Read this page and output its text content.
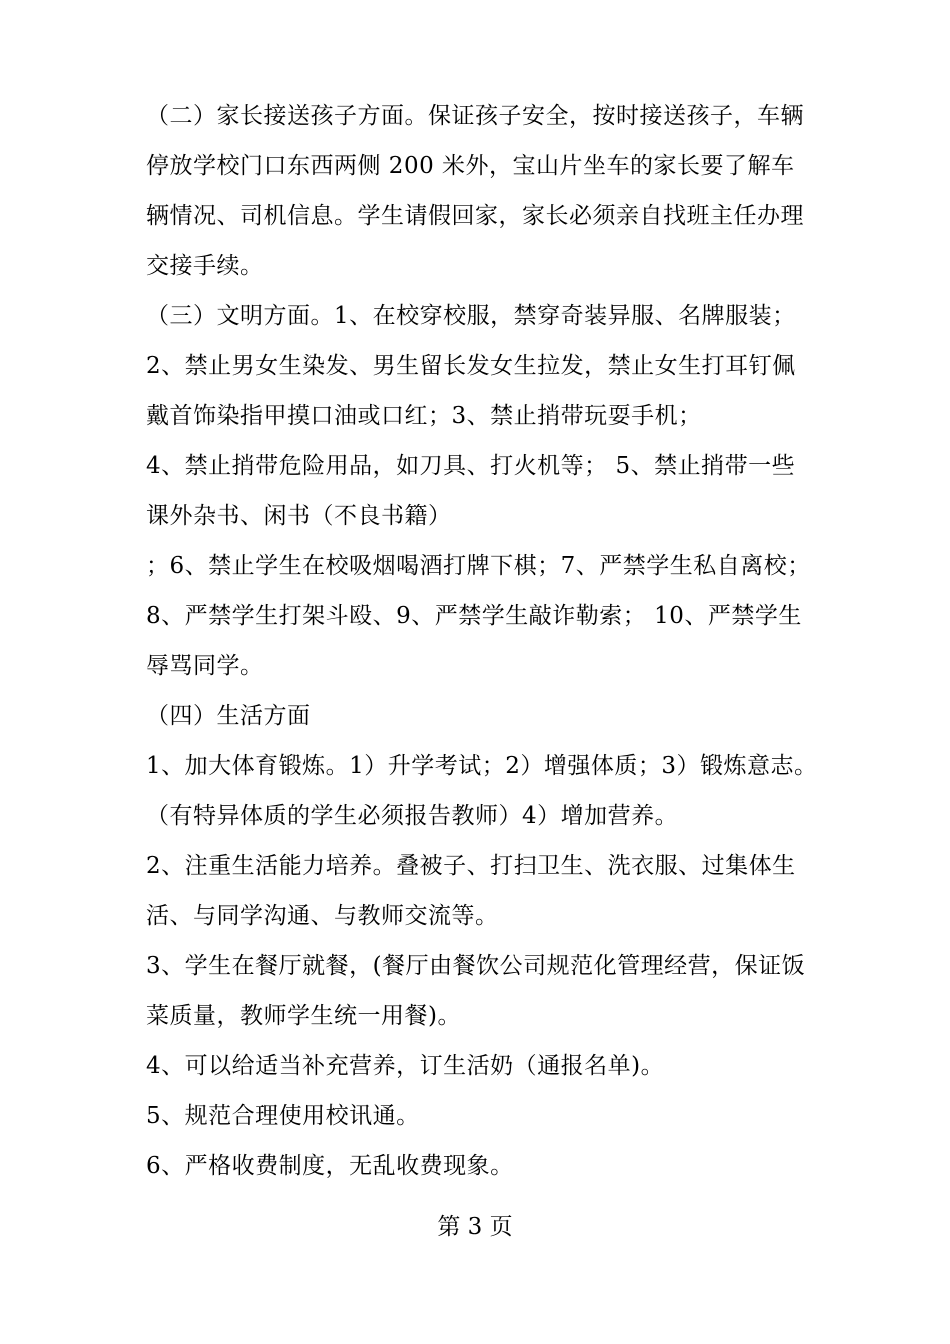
（二）家长接送孩子方面。保证孩子安全，按时接送孩子，车辆
停放学校门口东西两侧 200 米外，宝山片坐车的家长要了解车
辆情况、司机信息。学生请假回家，家长必须亲自找班主任办理
交接手续。
（三）文明方面。1、在校穿校服，禁穿奇装异服、名牌服装；
2、禁止男女生染发、男生留长发女生拉发，禁止女生打耳钉佩
戴首饰染指甲摸口油或口红；3、禁止捎带玩耍手机；
4、禁止捎带危险用品，如刀具、打火机等； 5、禁止捎带一些
课外杂书、闲书（不良书籍）
；6、禁止学生在校吸烟喝酒打牌下棋；7、严禁学生私自离校；
8、严禁学生打架斗殴、9、严禁学生敲诈勒索； 10、严禁学生
辱骂同学。
（四）生活方面
1、加大体育锻炼。1）升学考试；2）增强体质；3）锻炼意志。
（有特异体质的学生必须报告教师）4）增加营养。
2、注重生活能力培养。叠被子、打扫卫生、洗衣服、过集体生
活、与同学沟通、与教师交流等。
3、学生在餐厅就餐，(餐厅由餐饮公司规范化管理经营，保证饭
菜质量，教师学生统一用餐)。
4、可以给适当补充营养，订生活奶（通报名单)。
5、规范合理使用校讯通。
6、严格收费制度，无乱收费现象。
第 3 页
